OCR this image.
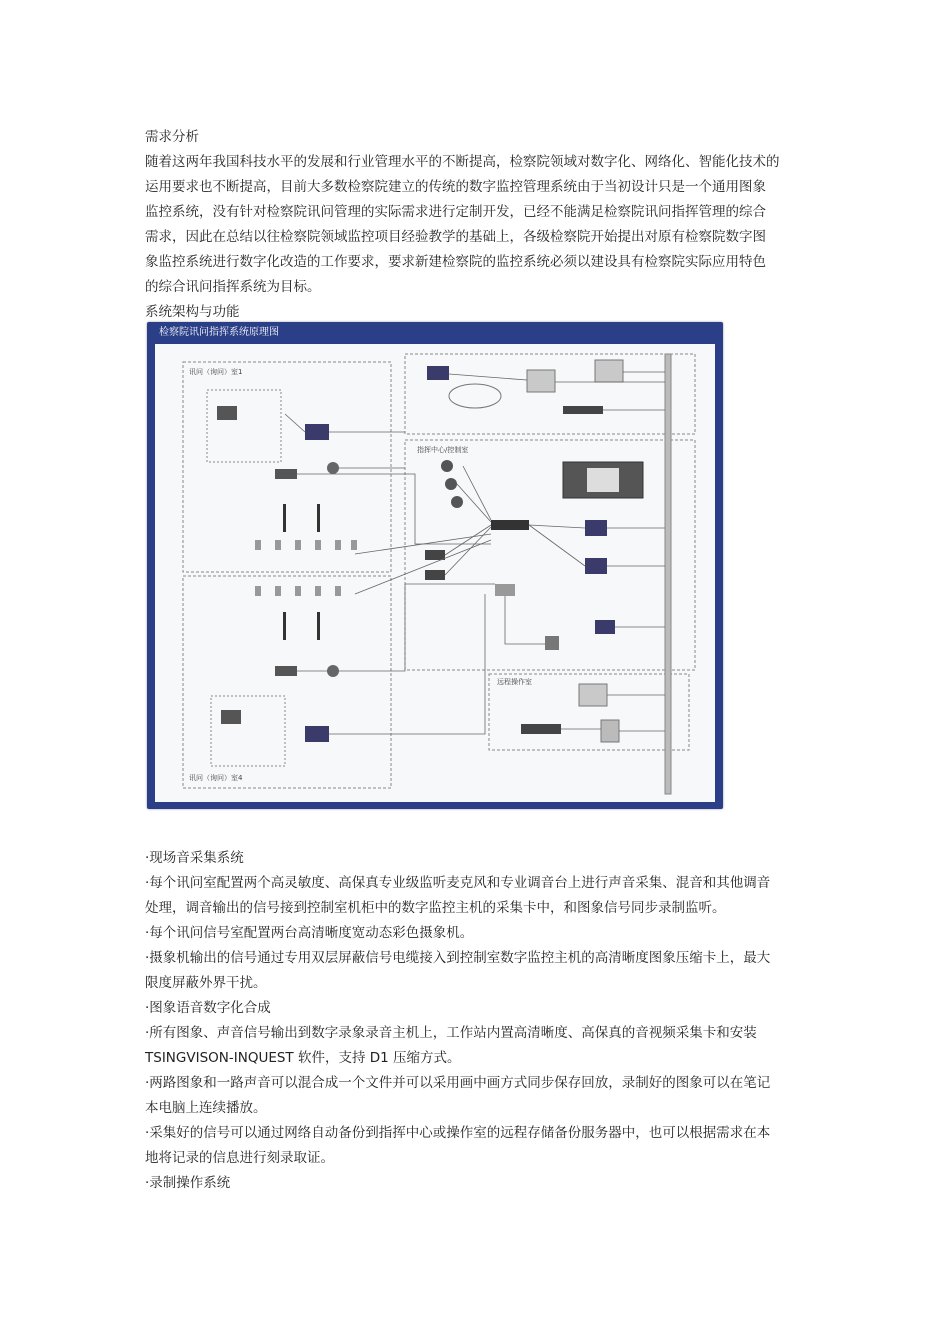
需求分析
随着这两年我国科技水平的发展和行业管理水平的不断提高，检察院领域对数字化、网络化、智能化技术的
运用要求也不断提高，目前大多数检察院建立的传统的数字监控管理系统由于当初设计只是一个通用图象
监控系统，没有针对检察院讯问管理的实际需求进行定制开发，已经不能满足检察院讯问指挥管理的综合
需求，因此在总结以往检察院领域监控项目经验教学的基础上，各级检察院开始提出对原有检察院数字图
象监控系统进行数字化改造的工作要求，要求新建检察院的监控系统必须以建设具有检察院实际应用特色
的综合讯问指挥系统为目标。
系统架构与功能
检察院讯问指挥系统原理图
讯问（询问）室1
讯问（询问）室4
指挥中心/控制室
远程操作室
·现场音采集系统
·每个讯问室配置两个高灵敏度、高保真专业级监听麦克风和专业调音台上进行声音采集、混音和其他调音
处理，调音输出的信号接到控制室机柜中的数字监控主机的采集卡中，和图象信号同步录制监听。
·每个讯问信号室配置两台高清晰度宽动态彩色摄象机。
·摄象机输出的信号通过专用双层屏蔽信号电缆接入到控制室数字监控主机的高清晰度图象压缩卡上，最大
限度屏蔽外界干扰。
·图象语音数字化合成
·所有图象、声音信号输出到数字录象录音主机上，工作站内置高清晰度、高保真的音视频采集卡和安装
TSINGVISON-INQUEST 软件，支持 D1 压缩方式。
·两路图象和一路声音可以混合成一个文件并可以采用画中画方式同步保存回放，录制好的图象可以在笔记
本电脑上连续播放。
·采集好的信号可以通过网络自动备份到指挥中心或操作室的远程存储备份服务器中，也可以根据需求在本
地将记录的信息进行刻录取证。
·录制操作系统
